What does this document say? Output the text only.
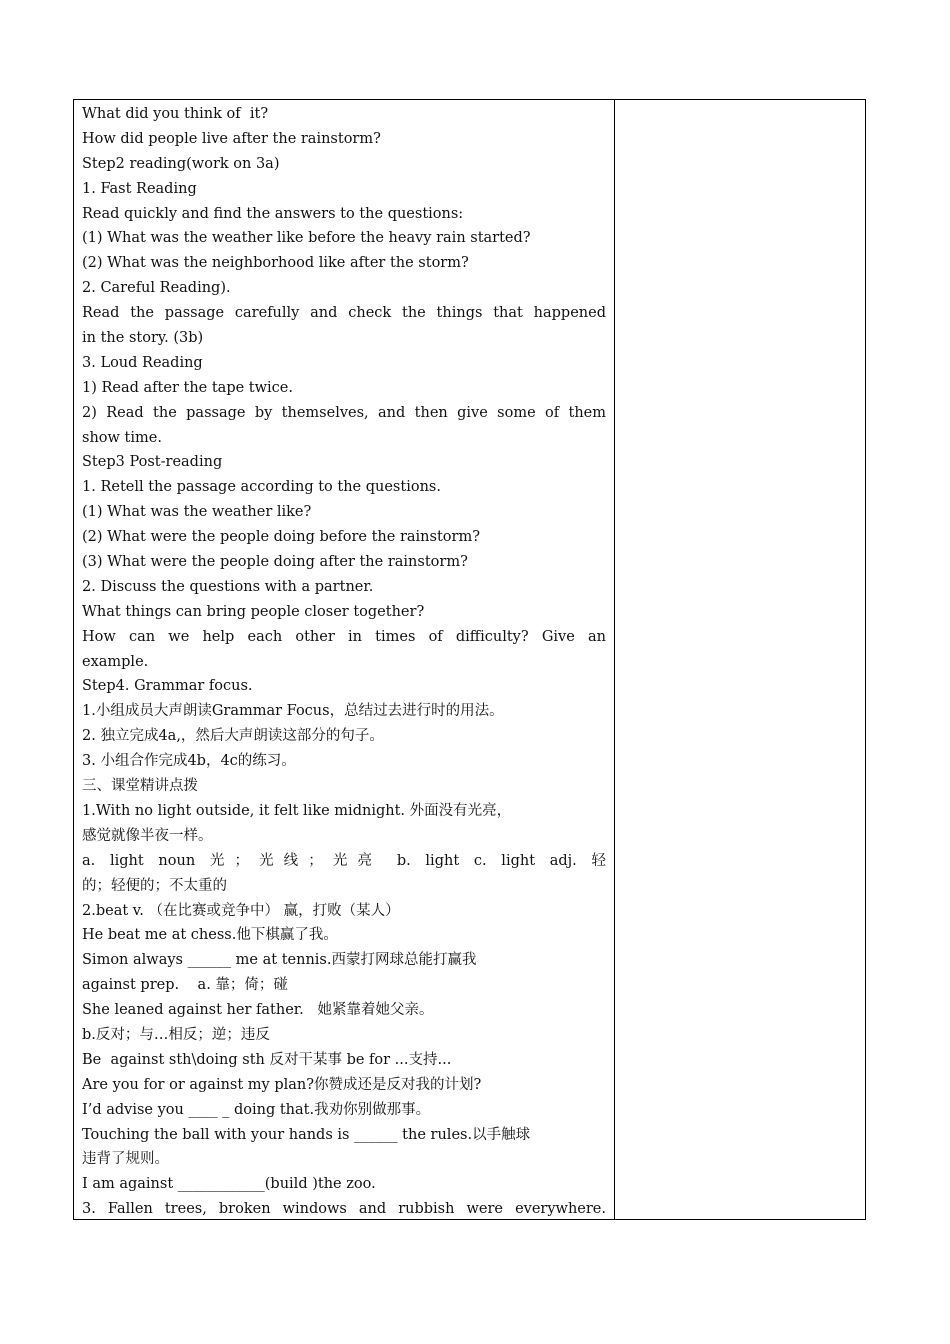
What did you think of  it?
How did people live after the rainstorm?
Step2 reading(work on 3a)
1. Fast Reading
Read quickly and find the answers to the questions:
(1) What was the weather like before the heavy rain started?
(2) What was the neighborhood like after the storm?
2. Careful Reading).
Read the passage carefully and check the things that happened
in the story. (3b)
3. Loud Reading
1) Read after the tape twice.
2) Read the passage by themselves, and then give some of them
show time.
Step3 Post-reading
1. Retell the passage according to the questions.
(1) What was the weather like?
(2) What were the people doing before the rainstorm?
(3) What were the people doing after the rainstorm?
2. Discuss the questions with a partner.
What things can bring people closer together?
How can we help each other in times of difficulty? Give an
example.
Step4. Grammar focus.
1.小组成员大声朗读Grammar Focus，总结过去进行时的用法。
2. 独立完成4a,，然后大声朗读这部分的句子。
3. 小组合作完成4b，4c的练习。
三、课堂精讲点拨
1.With no light outside, it felt like midnight. 外面没有光亮，
感觉就像半夜一样。
a. light noun 光；光线；光亮 b. light c. light adj. 轻
的；轻便的；不太重的
2.beat v. （在比赛或竞争中） 赢，打败（某人）
He beat me at chess.他下棋赢了我。
Simon always ______ me at tennis.西蒙打网球总能打赢我
against prep.    a. 靠；倚；碰
She leaned against her father.   她紧靠着她父亲。
b.反对；与…相反；逆；违反
Be  against sth\doing sth 反对干某事 be for ...支持...
Are you for or against my plan?你赞成还是反对我的计划?
I’d advise you ____ _ doing that.我劝你别做那事。
Touching the ball with your hands is ______ the rules.以手触球
违背了规则。
I am against ____________(build )the zoo.
3. Fallen trees, broken windows and rubbish were everywhere.
